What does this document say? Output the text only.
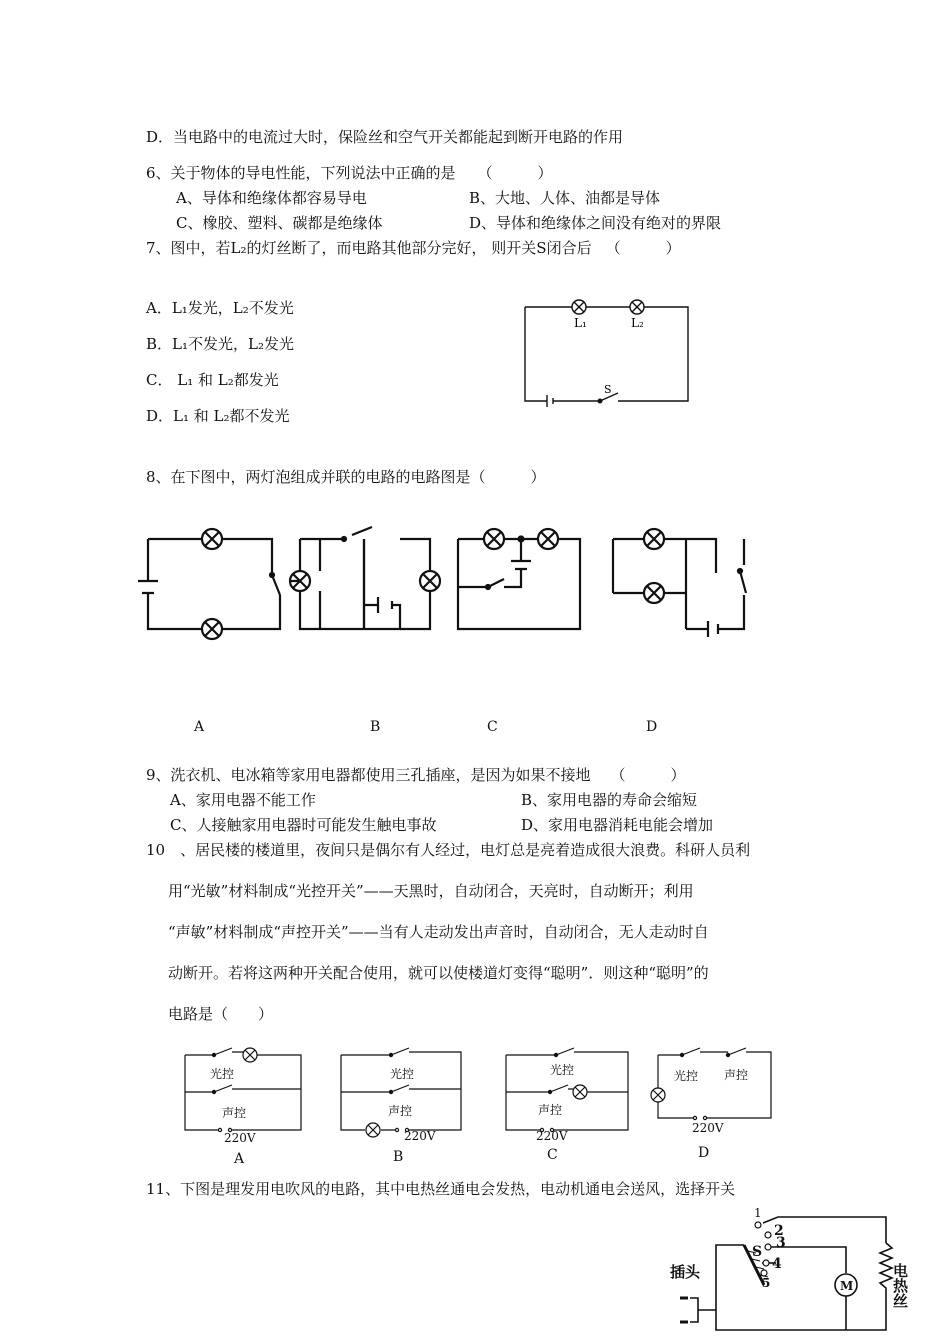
D．当电路中的电流过大时，保险丝和空气开关都能起到断开电路的作用
6、关于物体的导电性能，下列说法中正确的是 （　　　）
A、导体和绝缘体都容易导电	B、大地、人体、油都是导体
C、橡胶、塑料、碳都是绝缘体	D、导体和绝缘体之间没有绝对的界限
7、图中，若L₂的灯丝断了，而电路其他部分完好， 则开关S闭合后 （　　　）
A．L₁发光，L₂不发光
B．L₁不发光，L₂发光
C． L₁ 和 L₂都发光
D．L₁ 和 L₂都不发光
L₁	L₂
S
8、在下图中，两灯泡组成并联的电路的电路图是（　　　）
A	B	C	D
9、洗衣机、电冰箱等家用电器都使用三孔插座，是因为如果不接地 （　　　）
A、家用电器不能工作	B、家用电器的寿命会缩短
C、人接触家用电器时可能发生触电事故	D、家用电器消耗电能会增加
10　、居民楼的楼道里，夜间只是偶尔有人经过，电灯总是亮着造成很大浪费。科研人员利
用“光敏”材料制成“光控开关”——天黑时，自动闭合，天亮时，自动断开；利用
“声敏”材料制成“声控开关”——当有人走动发出声音时，自动闭合，无人走动时自
动断开。若将这两种开关配合使用，就可以使楼道灯变得“聪明”．则这种“聪明”的
电路是（　　）
光控
声控
220V
光控
声控
220V
光控
声控
220V
光控 声控
220V
A	B	C	D
11、下图是理发用电吹风的电路，其中电热丝通电会发热，电动机通电会送风，选择开关
1
2
3
S
4
5	M
插头	电热丝
